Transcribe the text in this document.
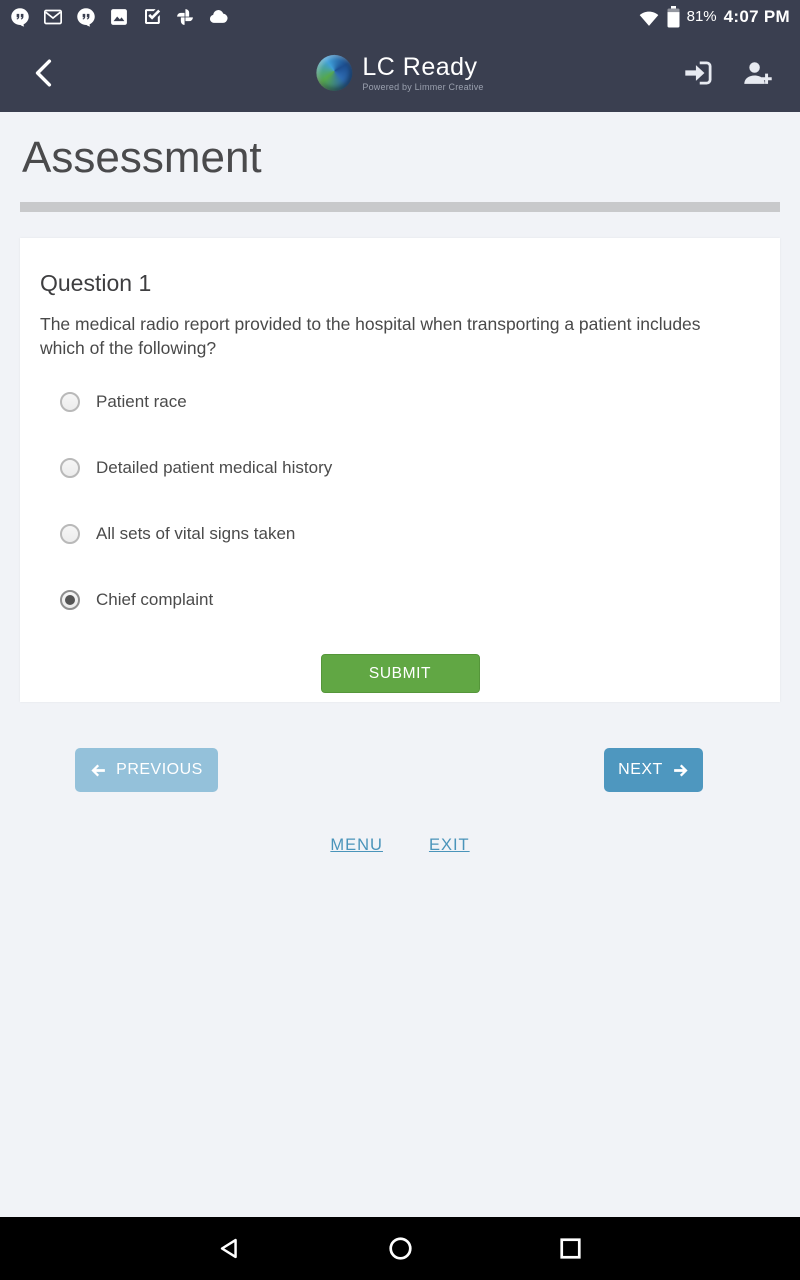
81% 4:07 PM
LC Ready
Powered by Limmer Creative
Assessment
Question 1

The medical radio report provided to the hospital when transporting a patient includes which of the following?

Patient race
Detailed patient medical history
All sets of vital signs taken
Chief complaint
SUBMIT
PREVIOUS	NEXT
MENU	EXIT
